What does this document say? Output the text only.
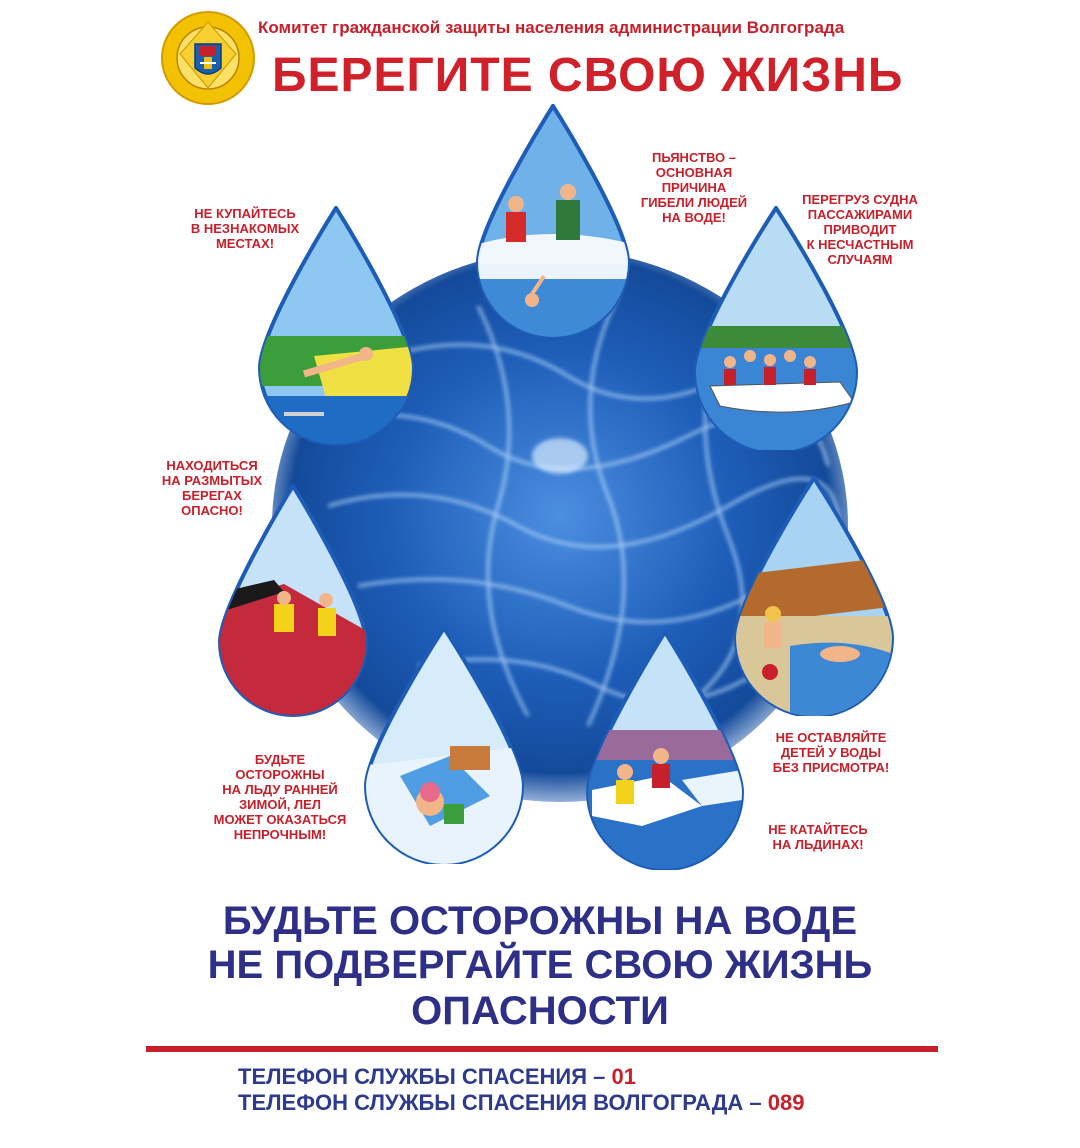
Комитет гражданской защиты населения администрации Волгограда
БЕРЕГИТЕ СВОЮ ЖИЗНЬ
ПЬЯНСТВО –
ОСНОВНАЯ
ПРИЧИНА
ГИБЕЛИ ЛЮДЕЙ
НА ВОДЕ!
НЕ КУПАЙТЕСЬ
В НЕЗНАКОМЫХ
МЕСТАХ!
ПЕРЕГРУЗ СУДНА
ПАССАЖИРАМИ
ПРИВОДИТ
К НЕСЧАСТНЫМ
СЛУЧАЯМ
НАХОДИТЬСЯ
НА РАЗМЫТЫХ
БЕРЕГАХ
ОПАСНО!
БУДЬТЕ
ОСТОРОЖНЫ
НА ЛЬДУ РАННЕЙ
ЗИМОЙ, ЛЕЛ
МОЖЕТ ОКАЗАТЬСЯ
НЕПРОЧНЫМ!
НЕ ОСТАВЛЯЙТЕ
ДЕТЕЙ У ВОДЫ
БЕЗ ПРИСМОТРА!
НЕ КАТАЙТЕСЬ
НА ЛЬДИНАХ!
БУДЬТЕ ОСТОРОЖНЫ НА ВОДЕ
НЕ ПОДВЕРГАЙТЕ СВОЮ ЖИЗНЬ
ОПАСНОСТИ
ТЕЛЕФОН СЛУЖБЫ СПАСЕНИЯ – 01
ТЕЛЕФОН СЛУЖБЫ СПАСЕНИЯ ВОЛГОГРАДА – 089
